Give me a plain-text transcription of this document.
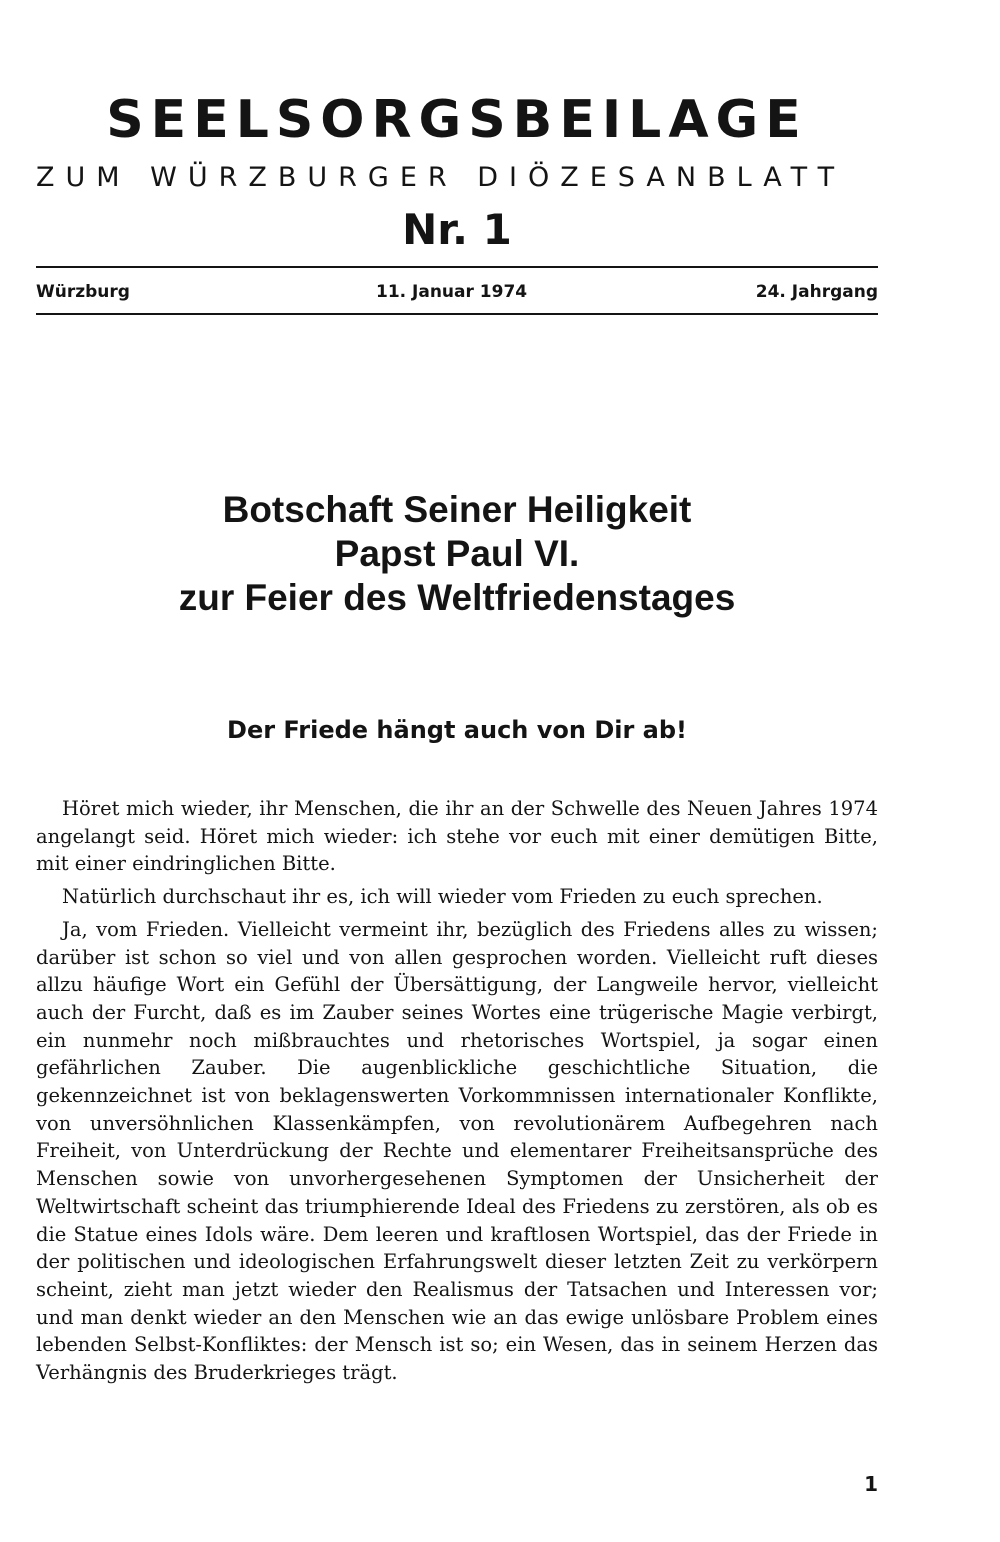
SEELSORGSBEILAGE
ZUM WÜRZBURGER DIÖZESANBLATT
Nr. 1
Würzburg	11. Januar 1974	24. Jahrgang
Botschaft Seiner Heiligkeit
Papst Paul VI.
zur Feier des Weltfriedenstages
Der Friede hängt auch von Dir ab!

Höret mich wieder, ihr Menschen, die ihr an der Schwelle des Neuen Jahres 1974 angelangt seid. Höret mich wieder: ich stehe vor euch mit einer demütigen Bitte, mit einer eindringlichen Bitte.

Natürlich durchschaut ihr es, ich will wieder vom Frieden zu euch sprechen.

Ja, vom Frieden. Vielleicht vermeint ihr, bezüglich des Friedens alles zu wissen; darüber ist schon so viel und von allen gesprochen worden. Vielleicht ruft dieses allzu häufige Wort ein Gefühl der Übersättigung, der Langweile hervor, vielleicht auch der Furcht, daß es im Zauber seines Wortes eine trügerische Magie verbirgt, ein nunmehr noch mißbrauchtes und rhetorisches Wortspiel, ja sogar einen gefährlichen Zauber. Die augenblickliche geschichtliche Situation, die gekennzeichnet ist von beklagenswerten Vorkommnissen internationaler Konflikte, von unversöhnlichen Klassenkämpfen, von revolutionärem Aufbegehren nach Freiheit, von Unterdrückung der Rechte und elementarer Freiheitsansprüche des Menschen sowie von unvorhergesehenen Symptomen der Unsicherheit der Weltwirtschaft scheint das triumphierende Ideal des Friedens zu zerstören, als ob es die Statue eines Idols wäre. Dem leeren und kraftlosen Wortspiel, das der Friede in der politischen und ideologischen Erfahrungswelt dieser letzten Zeit zu verkörpern scheint, zieht man jetzt wieder den Realismus der Tatsachen und Interessen vor; und man denkt wieder an den Menschen wie an das ewige unlösbare Problem eines lebenden Selbst-Konfliktes: der Mensch ist so; ein Wesen, das in seinem Herzen das Verhängnis des Bruderkrieges trägt.

1
